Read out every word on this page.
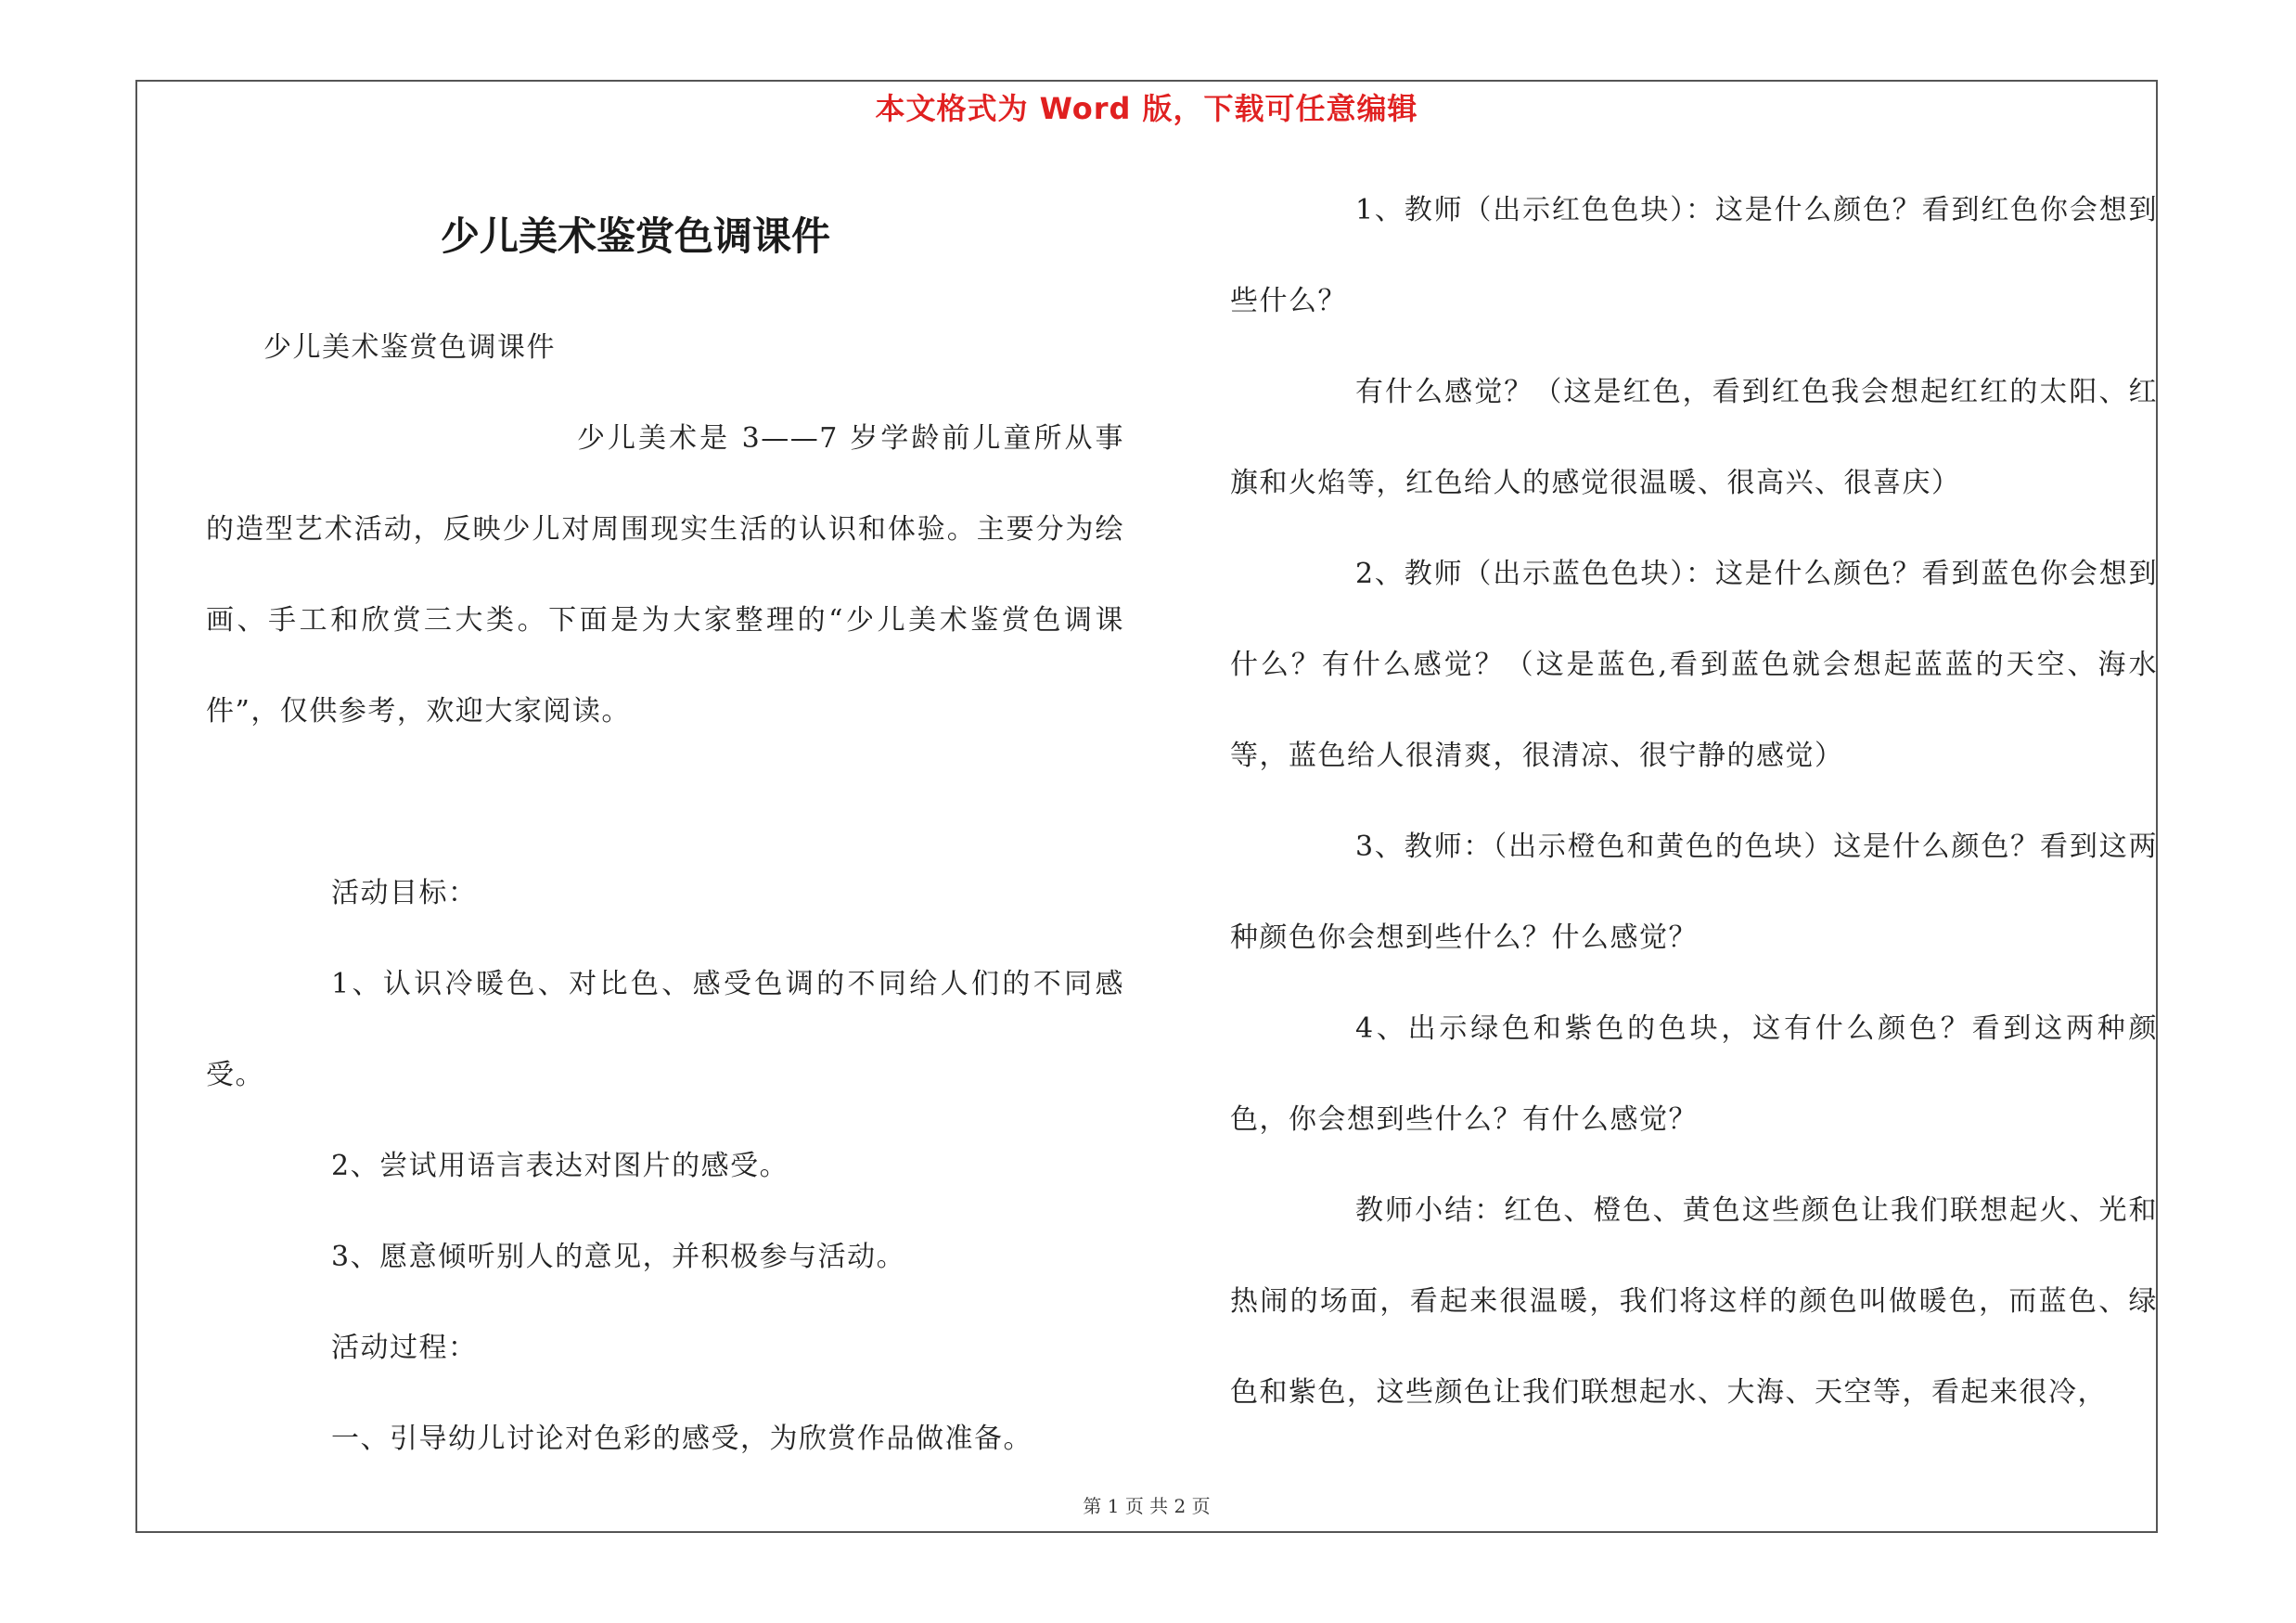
本文格式为 Word 版，下载可任意编辑
少儿美术鉴赏色调课件

少儿美术鉴赏色调课件

少儿美术是 3——7 岁学龄前儿童所从事的造型艺术活动，反映少儿对周围现实生活的认识和体验。主要分为绘画、手工和欣赏三大类。下面是为大家整理的“少儿美术鉴赏色调课件”，仅供参考，欢迎大家阅读。

活动目标：

1、认识冷暖色、对比色、感受色调的不同给人们的不同感受。

2、尝试用语言表达对图片的感受。

3、愿意倾听别人的意见，并积极参与活动。

活动过程：

一、引导幼儿讨论对色彩的感受，为欣赏作品做准备。

1、教师（出示红色色块）：这是什么颜色？看到红色你会想到些什么？

有什么感觉？（这是红色，看到红色我会想起红红的太阳、红旗和火焰等，红色给人的感觉很温暖、很高兴、很喜庆）

2、教师（出示蓝色色块）：这是什么颜色？看到蓝色你会想到什么？有什么感觉？（这是蓝色,看到蓝色就会想起蓝蓝的天空、海水等，蓝色给人很清爽，很清凉、很宁静的感觉）

3、教师：（出示橙色和黄色的色块）这是什么颜色？看到这两种颜色你会想到些什么？什么感觉？

4、出示绿色和紫色的色块，这有什么颜色？看到这两种颜色，你会想到些什么？有什么感觉？

教师小结：红色、橙色、黄色这些颜色让我们联想起火、光和热闹的场面，看起来很温暖，我们将这样的颜色叫做暖色，而蓝色、绿色和紫色，这些颜色让我们联想起水、大海、天空等，看起来很冷，

第 1 页 共 2 页
